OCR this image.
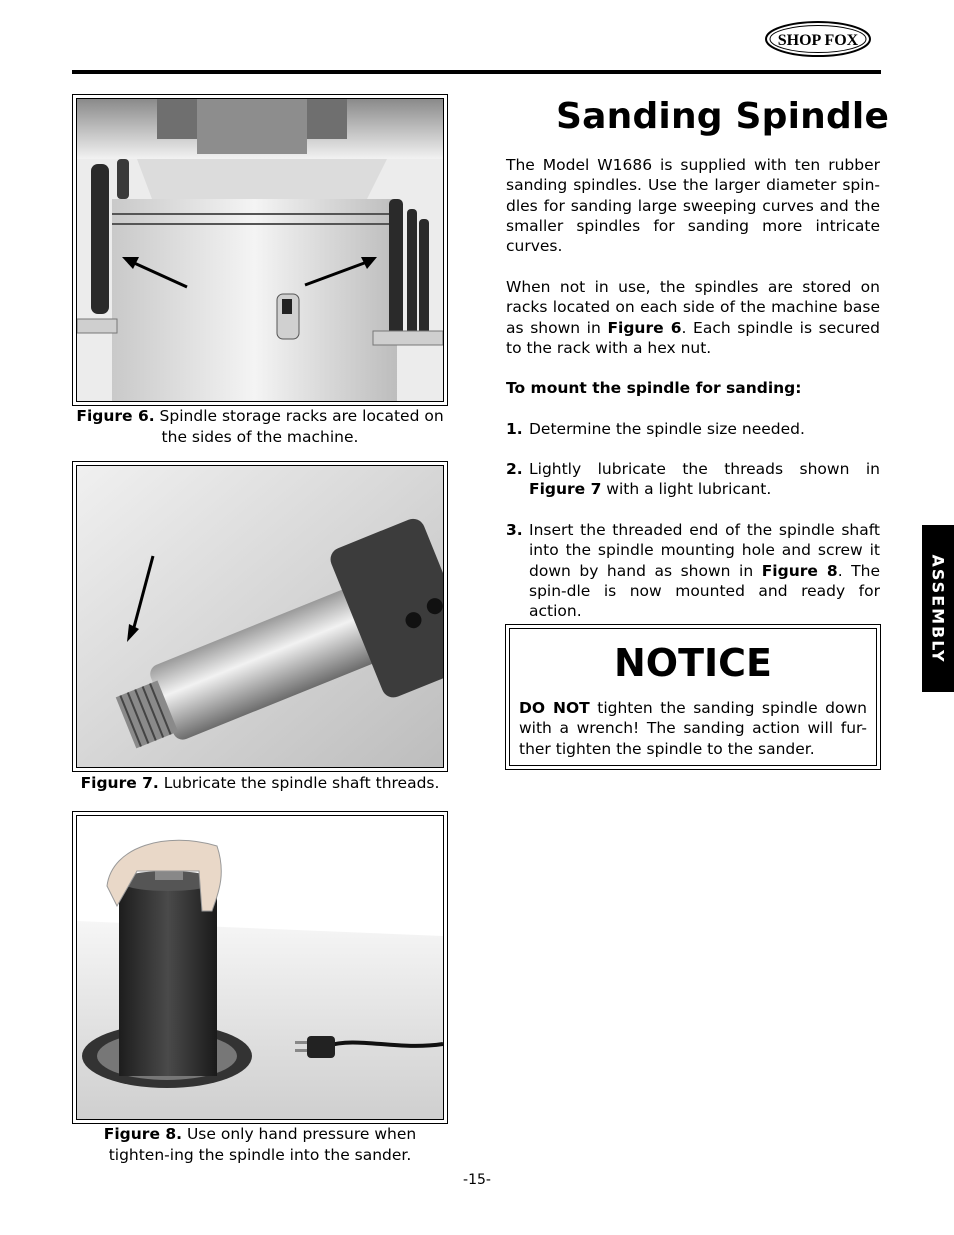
SHOP FOX
Figure 6. Spindle storage racks are located on the sides of the machine.
Figure 7. Lubricate the spindle shaft threads.
Figure 8. Use only hand pressure when tighten-ing the spindle into the sander.
Sanding Spindle
The Model W1686 is supplied with ten rubber sanding spindles. Use the larger diameter spin-dles for sanding large sweeping curves and the smaller spindles for sanding more intricate curves.
When not in use, the spindles are stored on racks located on each side of the machine base as shown in Figure 6. Each spindle is secured to the rack with a hex nut.
To mount the spindle for sanding:
1. Determine the spindle size needed.
2. Lightly lubricate the threads shown in Figure 7 with a light lubricant.
3. Insert the threaded end of the spindle shaft into the spindle mounting hole and screw it down by hand as shown in Figure 8. The spin-dle is now mounted and ready for action.
NOTICE
DO NOT tighten the sanding spindle down with a wrench! The sanding action will fur-ther tighten the spindle to the sander.
ASSEMBLY
-15-
